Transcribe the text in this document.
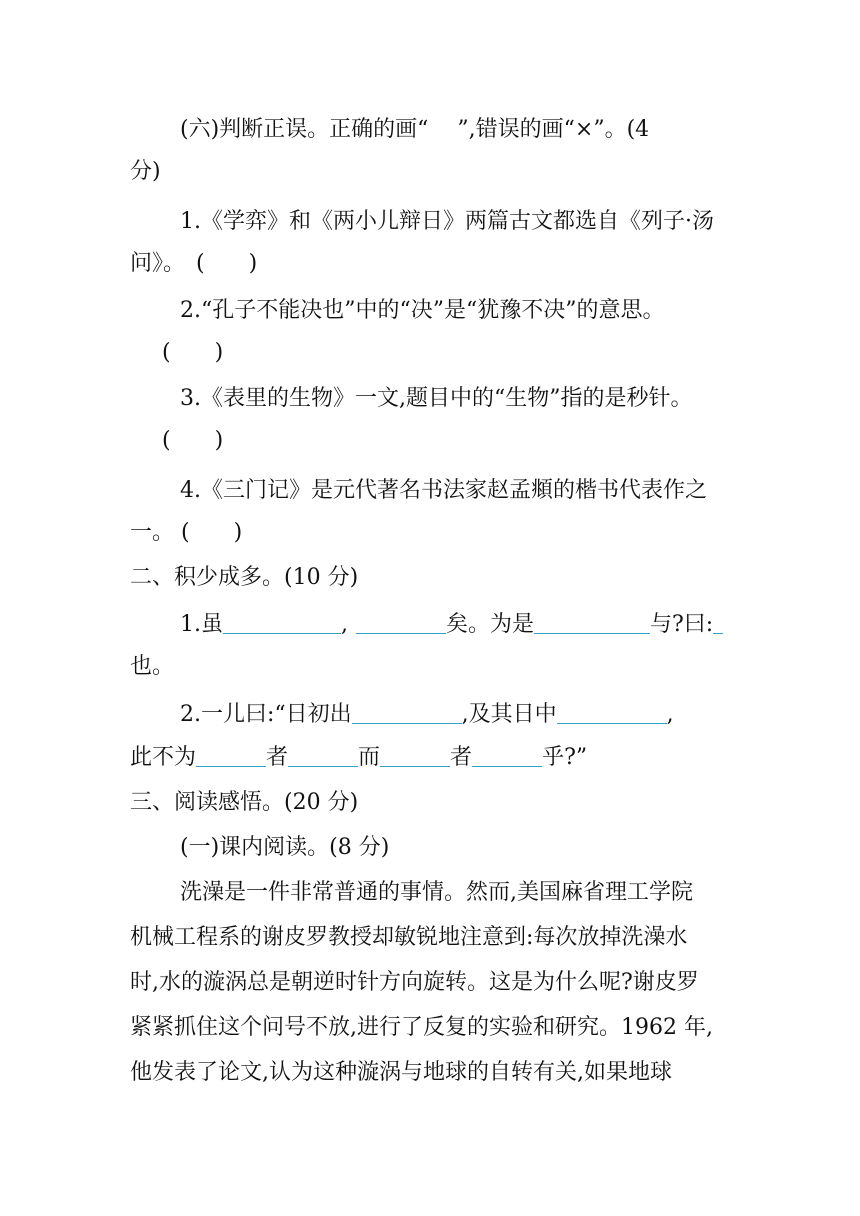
(六)判断正误。正确的画“　 ”,错误的画“×”。(4
分)
1.《学弈》和《两小儿辩日》两篇古文都选自《列子·汤
问》。　(　　)
2.“孔子不能决也”中的“决”是“犹豫不决”的意思。
(　　)
3.《表里的生物》一文,题目中的“生物”指的是秒针。
(　　)
4.《三门记》是元代著名书法家赵孟頫的楷书代表作之
一。 (　　)
二、积少成多。(10 分)
1.虽	,	矣。为是	与?曰:
也。
2.一儿曰:“日初出	,及其日中	,
此不为	者	而	者	乎?”
三、阅读感悟。(20 分)
(一)课内阅读。(8 分)
洗澡是一件非常普通的事情。然而,美国麻省理工学院
机械工程系的谢皮罗教授却敏锐地注意到:每次放掉洗澡水
时,水的漩涡总是朝逆时针方向旋转。这是为什么呢?谢皮罗
紧紧抓住这个问号不放,进行了反复的实验和研究。1962 年,
他发表了论文,认为这种漩涡与地球的自转有关,如果地球
